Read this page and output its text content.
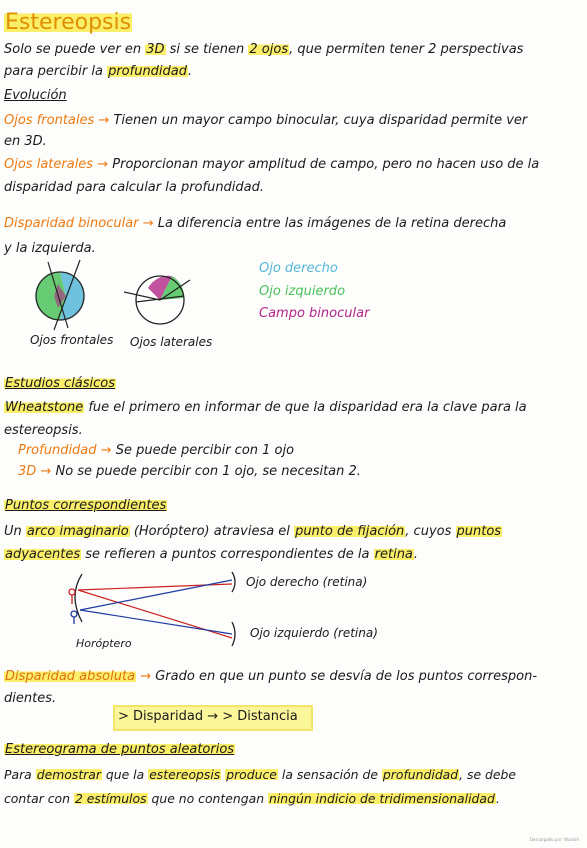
Estereopsis
Solo se puede ver en 3D si se tienen 2 ojos, que permiten tener 2 perspectivas
para percibir la profundidad.
Evolución
Ojos frontales → Tienen un mayor campo binocular, cuya disparidad permite ver
en 3D.
Ojos laterales → Proporcionan mayor amplitud de campo, pero no hacen uso de la
disparidad para calcular la profundidad.
Disparidad binocular → La diferencia entre las imágenes de la retina derecha
y la izquierda.
Ojos frontales Ojos laterales
Ojo derecho
Ojo izquierdo
Campo binocular
Estudios clásicos
Wheatstone fue el primero en informar de que la disparidad era la clave para la
estereopsis.
Profundidad → Se puede percibir con 1 ojo
3D → No se puede percibir con 1 ojo, se necesitan 2.
Puntos correspondientes
Un arco imaginario (Horóptero) atraviesa el punto de fijación, cuyos puntos
adyacentes se refieren a puntos correspondientes de la retina.
Ojo derecho (retina)
Ojo izquierdo (retina)
Horóptero
Disparidad absoluta → Grado en que un punto se desvía de los puntos correspon-
dientes.
> Disparidad → > Distancia
Estereograma de puntos aleatorios
Para demostrar que la estereopsis produce la sensación de profundidad, se debe
contar con 2 estímulos que no contengan ningún indicio de tridimensionalidad.
Descargado por: Wuolah
